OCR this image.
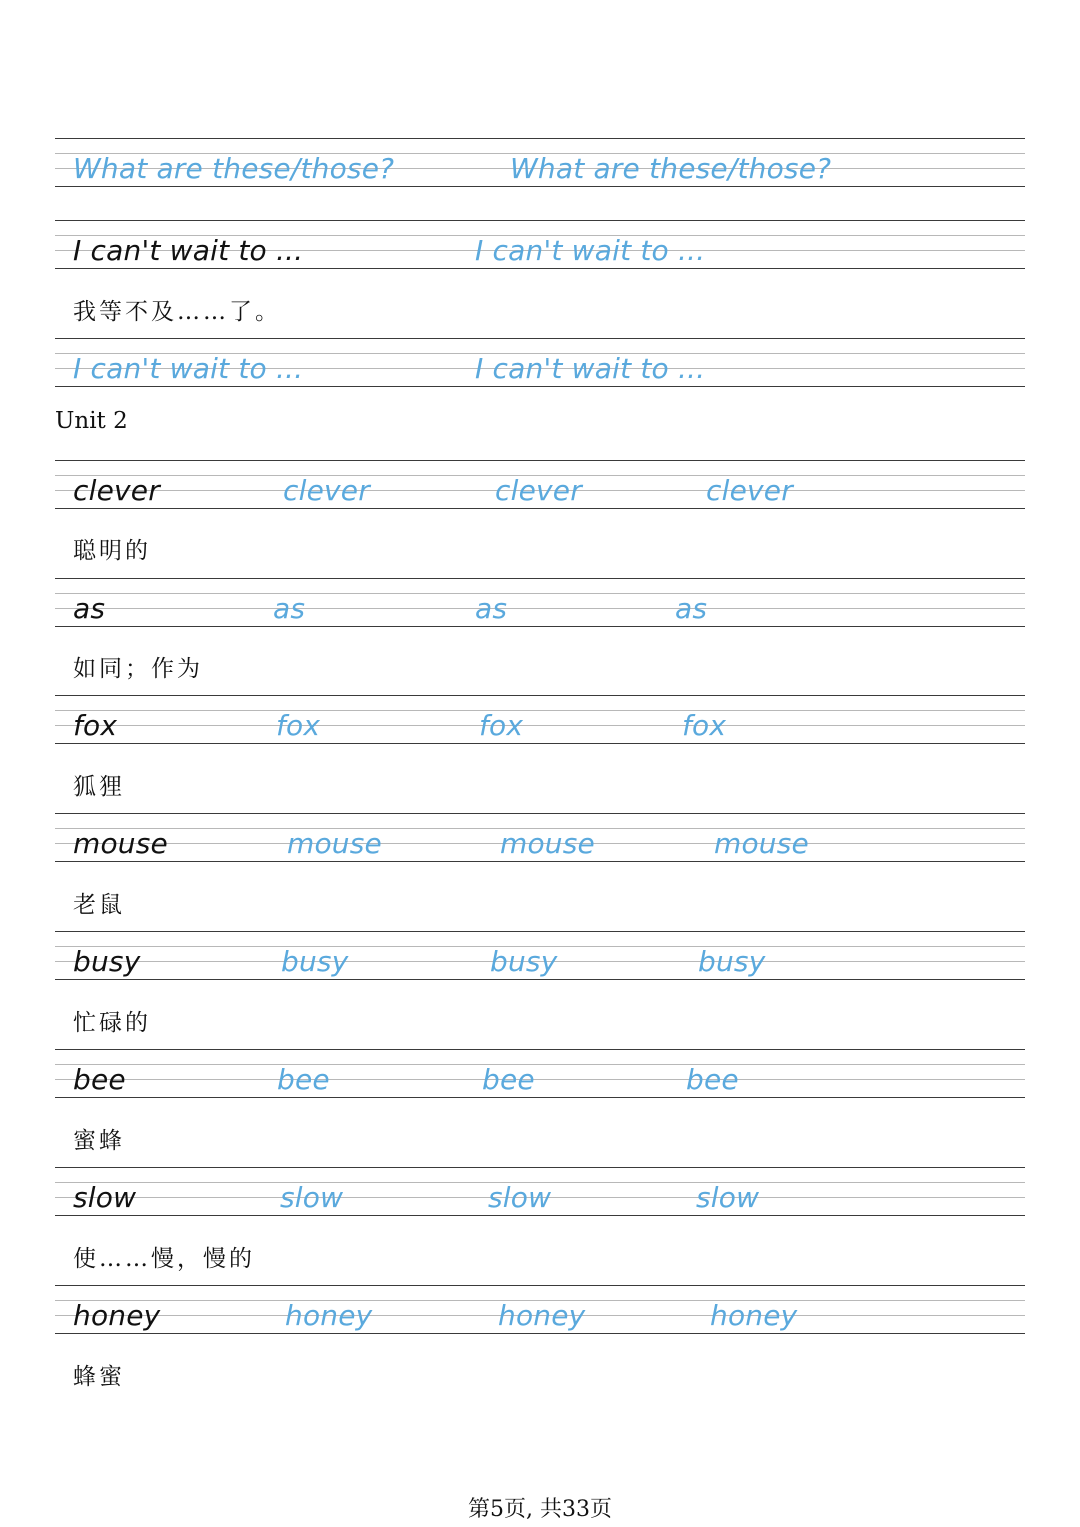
What are these/those?	What are these/those?
I can't wait to ...	I can't wait to ...
我等不及……了。
I can't wait to ...	I can't wait to ...
Unit 2
clever	clever	clever	clever
聪明的
as	as	as	as
如同；作为
fox	fox	fox	fox
狐狸
mouse	mouse	mouse	mouse
老鼠
busy	busy	busy	busy
忙碌的
bee	bee	bee	bee
蜜蜂
slow	slow	slow	slow
使……慢，慢的
honey	honey	honey	honey
蜂蜜
第5页, 共33页
